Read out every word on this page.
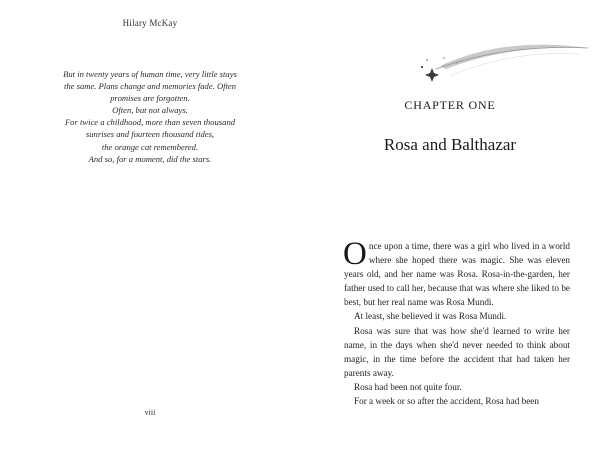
Hilary McKay
But in twenty years of human time, very little stays
the same. Plans change and memories fade. Often
promises are forgotten.
Often, but not always.
For twice a childhood, more than seven thousand
sunrises and fourteen thousand tides,
the orange cat remembered.
And so, for a moment, did the stars.
viii
CHAPTER ONE
Rosa and Balthazar

Once upon a time, there was a girl who lived in a world where she hoped there was magic. She was eleven years old, and her name was Rosa. Rosa-in-the-garden, her father used to call her, because that was where she liked to be best, but her real name was Rosa Mundi.

At least, she believed it was Rosa Mundi.

Rosa was sure that was how she'd learned to write her name, in the days when she'd never needed to think about magic, in the time before the accident that had taken her parents away.

Rosa had been not quite four.

For a week or so after the accident, Rosa had been
